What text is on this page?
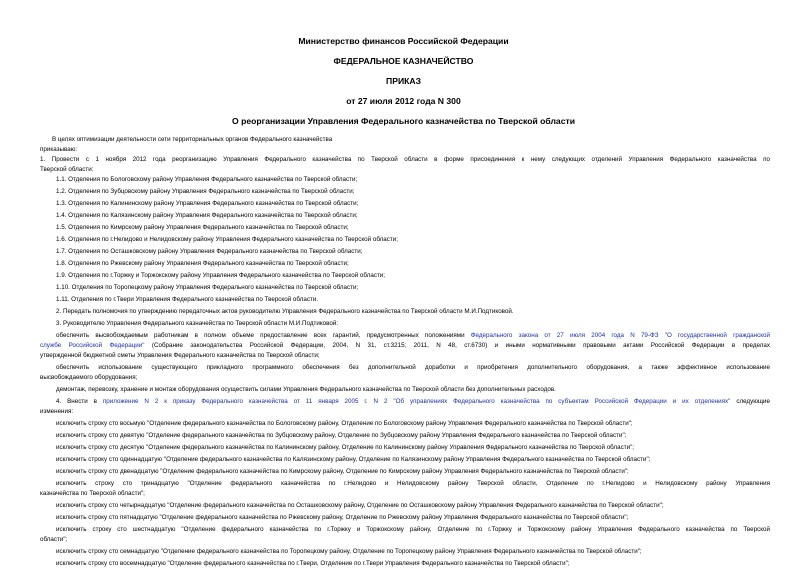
Министерство финансов Российской Федерации
ФЕДЕРАЛЬНОЕ КАЗНАЧЕЙСТВО
ПРИКАЗ
от 27 июля 2012 года N 300
О реорганизации Управления Федерального казначейства по Тверской области
В целях оптимизации деятельности сети территориальных органов Федерального казначейства
приказываю:
1. Провести с 1 ноября 2012 года реорганизацию Управления Федерального казначейства по Тверской области в форме присоединения к нему следующих отделений Управления Федерального казначейства по
Тверской области:
1.1. Отделения по Бологовскому району Управления Федерального казначейства по Тверской области;
1.2. Отделения по Зубцовскому району Управления Федерального казначейства по Тверской области;
1.3. Отделения по Калининскому району Управления Федерального казначейства по Тверской области;
1.4. Отделения по Калязинскому району Управления Федерального казначейства по Тверской области;
1.5. Отделения по Кимрскому району Управления Федерального казначейства по Тверской области;
1.6. Отделения по г.Нелидово и Нелидовскому району Управления Федерального казначейства по Тверской области;
1.7. Отделения по Осташковскому району Управления Федерального казначейства по Тверской области;
1.8. Отделения по Ржевскому району Управления Федерального казначейства по Тверской области;
1.9. Отделения по г.Торжку и Торжокскому району Управления Федерального казначейства по Тверской области;
1.10. Отделения по Торопецкому району Управления Федерального казначейства по Тверской области;
1.11. Отделения по г.Твери Управления Федерального казначейства по Тверской области.
2. Передать полномочия по утверждению передаточных актов руководителю Управления Федерального казначейства по Тверской области М.И.Подтиковой.
3. Руководителю Управления Федерального казначейства по Тверской области М.И.Подтиковой:
обеспечить высвобождаемым работникам в полном объеме предоставление всех гарантий, предусмотренных положениями Федерального закона от 27 июля 2004 года N 79-ФЗ "О государственной гражданской
службе Российской Федерации" (Собрание законодательства Российской Федерации, 2004, N 31, ст.3215; 2011, N 48, ст.6730) и иными нормативными правовыми актами Российской Федерации в пределах
утвержденной бюджетной сметы Управления Федерального казначейства по Тверской области;
обеспечить использование существующего прикладного программного обеспечения без дополнительной доработки и приобретения дополнительного оборудования, а также эффективное использование
высвобождаемого оборудования;
демонтаж, перевозку, хранение и монтаж оборудования осуществить силами Управления Федерального казначейства по Тверской области без дополнительных расходов.
4. Внести в приложение N 2 к приказу Федерального казначейства от 11 января 2005 г. N 2 "Об управлениях Федерального казначейства по субъектам Российской Федерации и их отделениях" следующие
изменения:
исключить строку сто восьмую "Отделение федерального казначейства по Бологовскому району, Отделение по Бологовскому району Управления Федерального казначейства по Тверской области";
исключить строку сто девятую "Отделение федерального казначейства по Зубцовскому району, Отделение по Зубцовскому району Управления Федерального казначейства по Тверской области";
исключить строку сто десятую "Отделение федерального казначейства по Калининскому району, Отделение по Калининскому району Управления Федерального казначейства по Тверской области";
исключить строку сто одиннадцатую "Отделение федерального казначейства по Калязинскому району, Отделение по Калязинскому району Управления Федерального казначейства по Тверской области";
исключить строку сто двенадцатую "Отделение федерального казначейства по Кимрскому району, Отделение по Кимрскому району Управления Федерального казначейства по Тверской области";
исключить строку сто тринадцатую "Отделение федерального казначейства по г.Нелидово и Нелидовскому району Тверской области, Отделение по г.Нелидово и Нелидовскому району Управления
казначейства по Тверской области";
исключить строку сто четырнадцатую "Отделение федерального казначейства по Осташковскому району, Отделение по Осташковскому району Управления Федерального казначейства по Тверской области";
исключить строку сто пятнадцатую "Отделение федерального казначейства по Ржевскому району, Отделение по Ржевскому району Управления Федерального казначейства по Тверской области";
исключить строку сто шестнадцатую "Отделение федерального казначейства по г.Торжку и Торжокскому району, Отделение по г.Торжку и Торжокскому району Управления Федерального казначейства по Тверской
области";
исключить строку сто семнадцатую "Отделение федерального казначейства по Торопецкому району, Отделение по Торопецкому району Управления Федерального казначейства по Тверской области";
исключить строку сто восемнадцатую "Отделение федерального казначейства по г.Твери, Отделение по г.Твери Управления Федерального казначейства по Тверской области";
